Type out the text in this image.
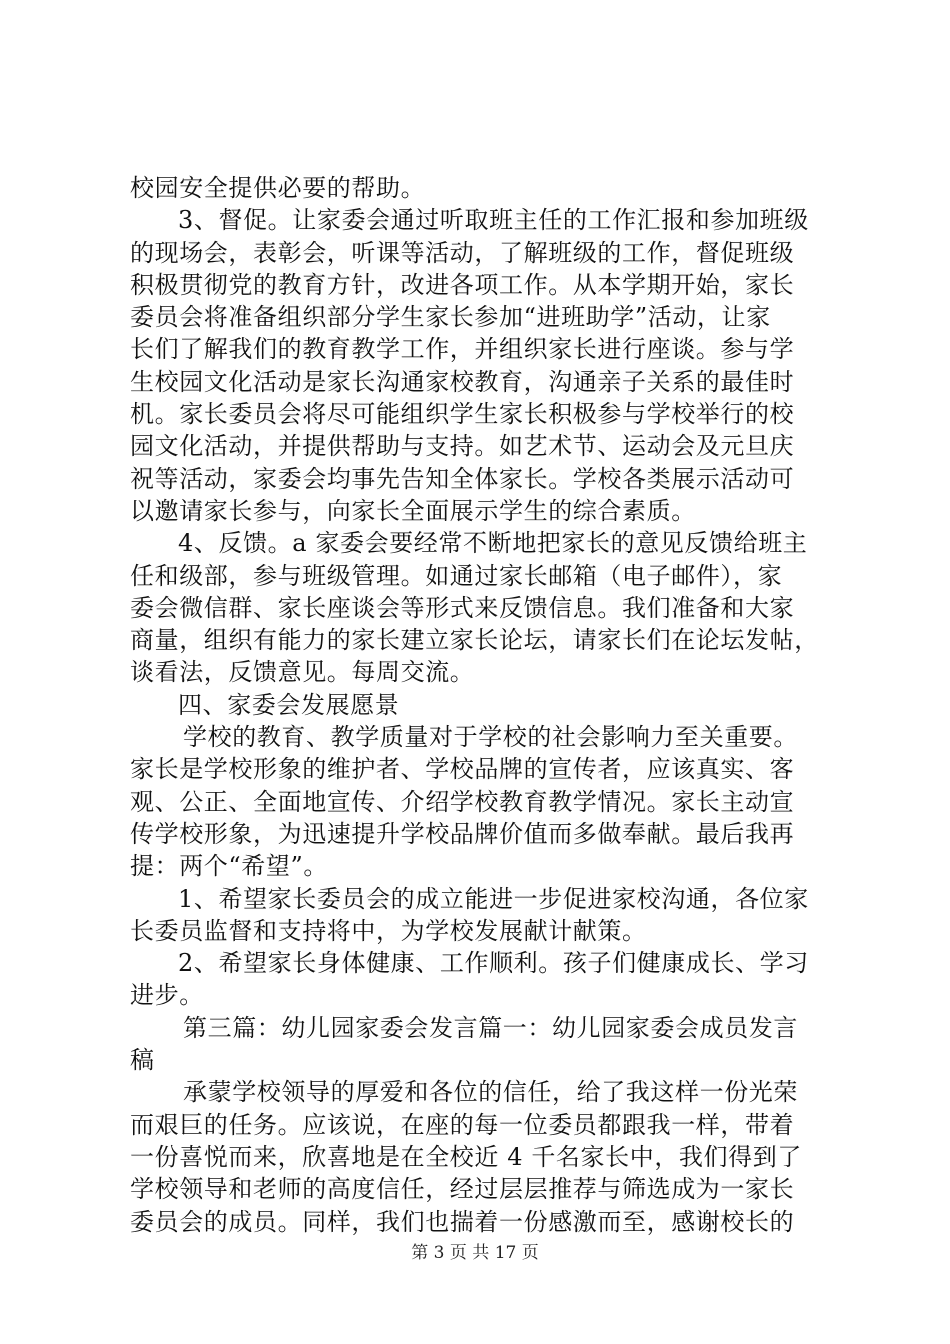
校园安全提供必要的帮助。
3、督促。让家委会通过听取班主任的工作汇报和参加班级
的现场会，表彰会，听课等活动，了解班级的工作，督促班级
积极贯彻党的教育方针，改进各项工作。从本学期开始，家长
委员会将准备组织部分学生家长参加“进班助学”活动，让家
长们了解我们的教育教学工作，并组织家长进行座谈。参与学
生校园文化活动是家长沟通家校教育，沟通亲子关系的最佳时
机。家长委员会将尽可能组织学生家长积极参与学校举行的校
园文化活动，并提供帮助与支持。如艺术节、运动会及元旦庆
祝等活动，家委会均事先告知全体家长。学校各类展示活动可
以邀请家长参与，向家长全面展示学生的综合素质。
4、反馈。a 家委会要经常不断地把家长的意见反馈给班主
任和级部，参与班级管理。如通过家长邮箱（电子邮件），家
委会微信群、家长座谈会等形式来反馈信息。我们准备和大家
商量，组织有能力的家长建立家长论坛，请家长们在论坛发帖，
谈看法，反馈意见。每周交流。
四、家委会发展愿景
学校的教育、教学质量对于学校的社会影响力至关重要。
家长是学校形象的维护者、学校品牌的宣传者，应该真实、客
观、公正、全面地宣传、介绍学校教育教学情况。家长主动宣
传学校形象，为迅速提升学校品牌价值而多做奉献。最后我再
提：两个“希望”。
1、希望家长委员会的成立能进一步促进家校沟通，各位家
长委员监督和支持将中，为学校发展献计献策。
2、希望家长身体健康、工作顺利。孩子们健康成长、学习
进步。
第三篇：幼儿园家委会发言篇一：幼儿园家委会成员发言
稿
承蒙学校领导的厚爱和各位的信任，给了我这样一份光荣
而艰巨的任务。应该说，在座的每一位委员都跟我一样，带着
一份喜悦而来，欣喜地是在全校近 4 千名家长中，我们得到了
学校领导和老师的高度信任，经过层层推荐与筛选成为一家长
委员会的成员。同样，我们也揣着一份感激而至，感谢校长的
第 3 页 共 17 页
